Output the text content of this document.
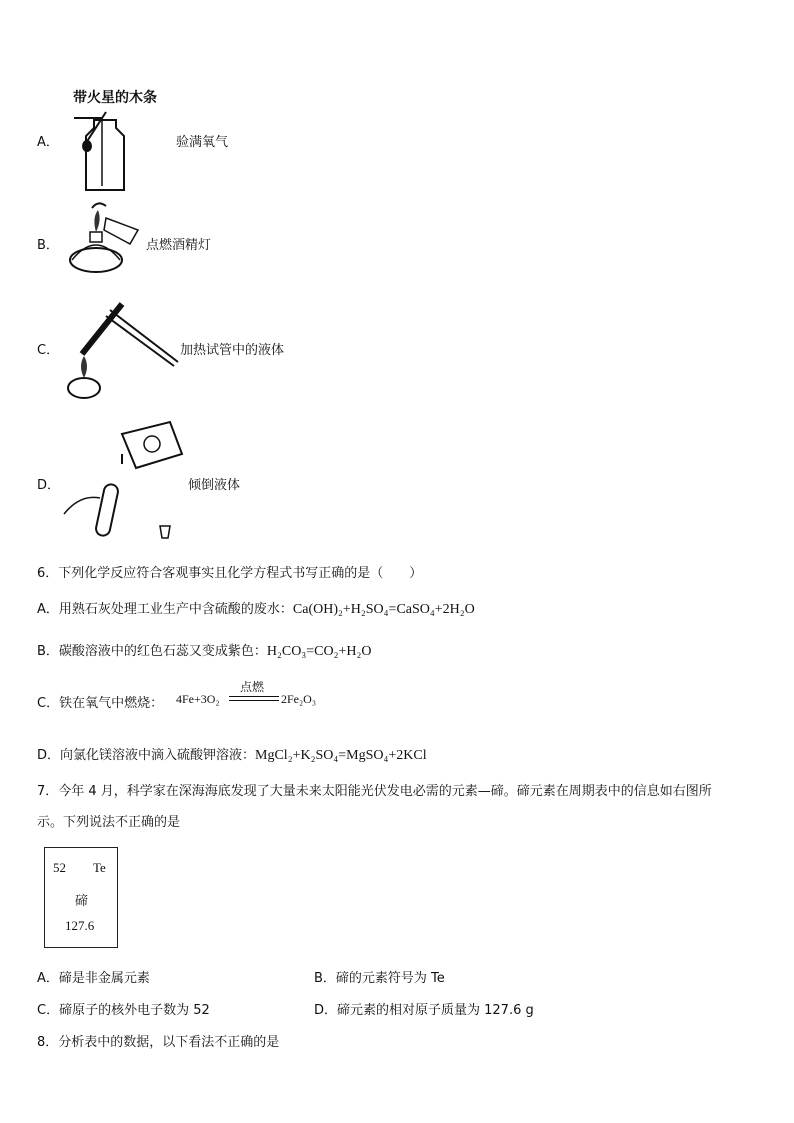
带火星的木条
A．	验满氧气
B．	点燃酒精灯
C．	加热试管中的液体
D．	倾倒液体
6．下列化学反应符合客观事实且化学方程式书写正确的是（　　）
A．用熟石灰处理工业生产中含硫酸的废水：Ca(OH)₂+H₂SO₄=CaSO₄+2H₂O
B．碳酸溶液中的红色石蕊又变成紫色：H₂CO₃=CO₂+H₂O
C．铁在氧气中燃烧： 4Fe+3O₂
点燃
2Fe₂O₃
D．向氯化镁溶液中滴入硫酸钾溶液：MgCl₂+K₂SO₄=MgSO₄+2KCl
7．今年 4 月，科学家在深海海底发现了大量未来太阳能光伏发电必需的元素—碲。碲元素在周期表中的信息如右图所
示。下列说法不正确的是
52 Te
碲
127.6
A．碲是非金属元素	B．碲的元素符号为 Te
C．碲原子的核外电子数为 52	D．碲元素的相对原子质量为 127.6 g
8．分析表中的数据，以下看法不正确的是
